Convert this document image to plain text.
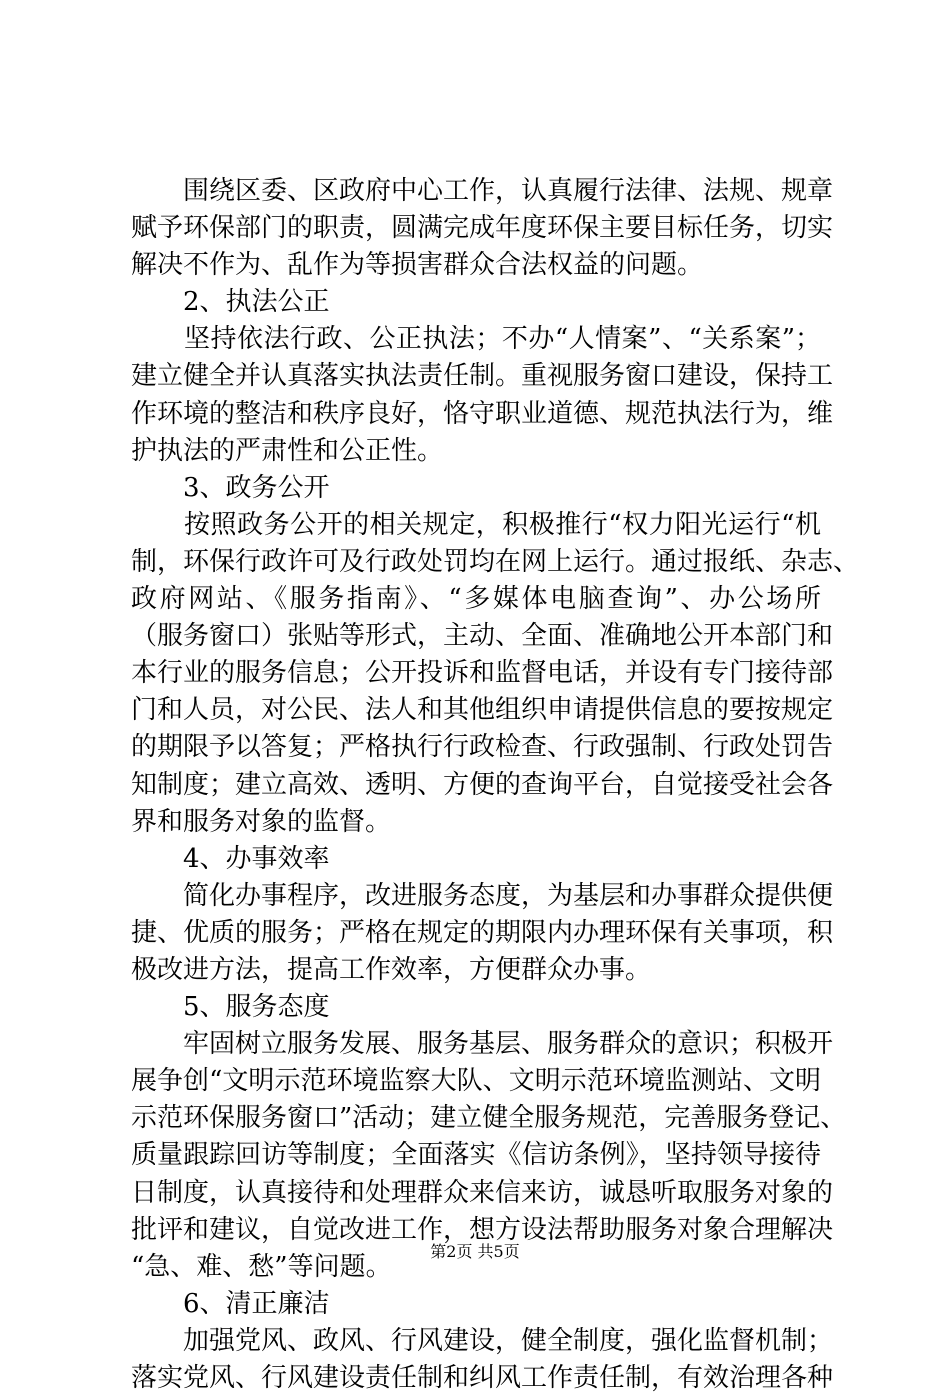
　　围绕区委、区政府中心工作，认真履行法律、法规、规章
赋予环保部门的职责，圆满完成年度环保主要目标任务，切实
解决不作为、乱作为等损害群众合法权益的问题。
　　2、执法公正
　　坚持依法行政、公正执法；不办“人情案”、“关系案”；
建立健全并认真落实执法责任制。重视服务窗口建设，保持工
作环境的整洁和秩序良好，恪守职业道德、规范执法行为，维
护执法的严肃性和公正性。
　　3、政务公开
　　按照政务公开的相关规定，积极推行“权力阳光运行“机
制，环保行政许可及行政处罚均在网上运行。通过报纸、杂志、
政府网站、《服务指南》、“多媒体电脑查询”、办公场所
（服务窗口）张贴等形式，主动、全面、准确地公开本部门和
本行业的服务信息；公开投诉和监督电话，并设有专门接待部
门和人员，对公民、法人和其他组织申请提供信息的要按规定
的期限予以答复；严格执行行政检查、行政强制、行政处罚告
知制度；建立高效、透明、方便的查询平台，自觉接受社会各
界和服务对象的监督。
　　4、办事效率
　　简化办事程序，改进服务态度，为基层和办事群众提供便
捷、优质的服务；严格在规定的期限内办理环保有关事项，积
极改进方法，提高工作效率，方便群众办事。
　　5、服务态度
　　牢固树立服务发展、服务基层、服务群众的意识；积极开
展争创“文明示范环境监察大队、文明示范环境监测站、文明
示范环保服务窗口”活动；建立健全服务规范，完善服务登记、
质量跟踪回访等制度；全面落实《信访条例》，坚持领导接待
日制度，认真接待和处理群众来信来访，诚恳听取服务对象的
批评和建议，自觉改进工作，想方设法帮助服务对象合理解决
“急、难、愁”等问题。
　　6、清正廉洁
　　加强党风、政风、行风建设，健全制度，强化监督机制；
落实党风、行风建设责任制和纠风工作责任制，有效治理各种
第2页 共5页
